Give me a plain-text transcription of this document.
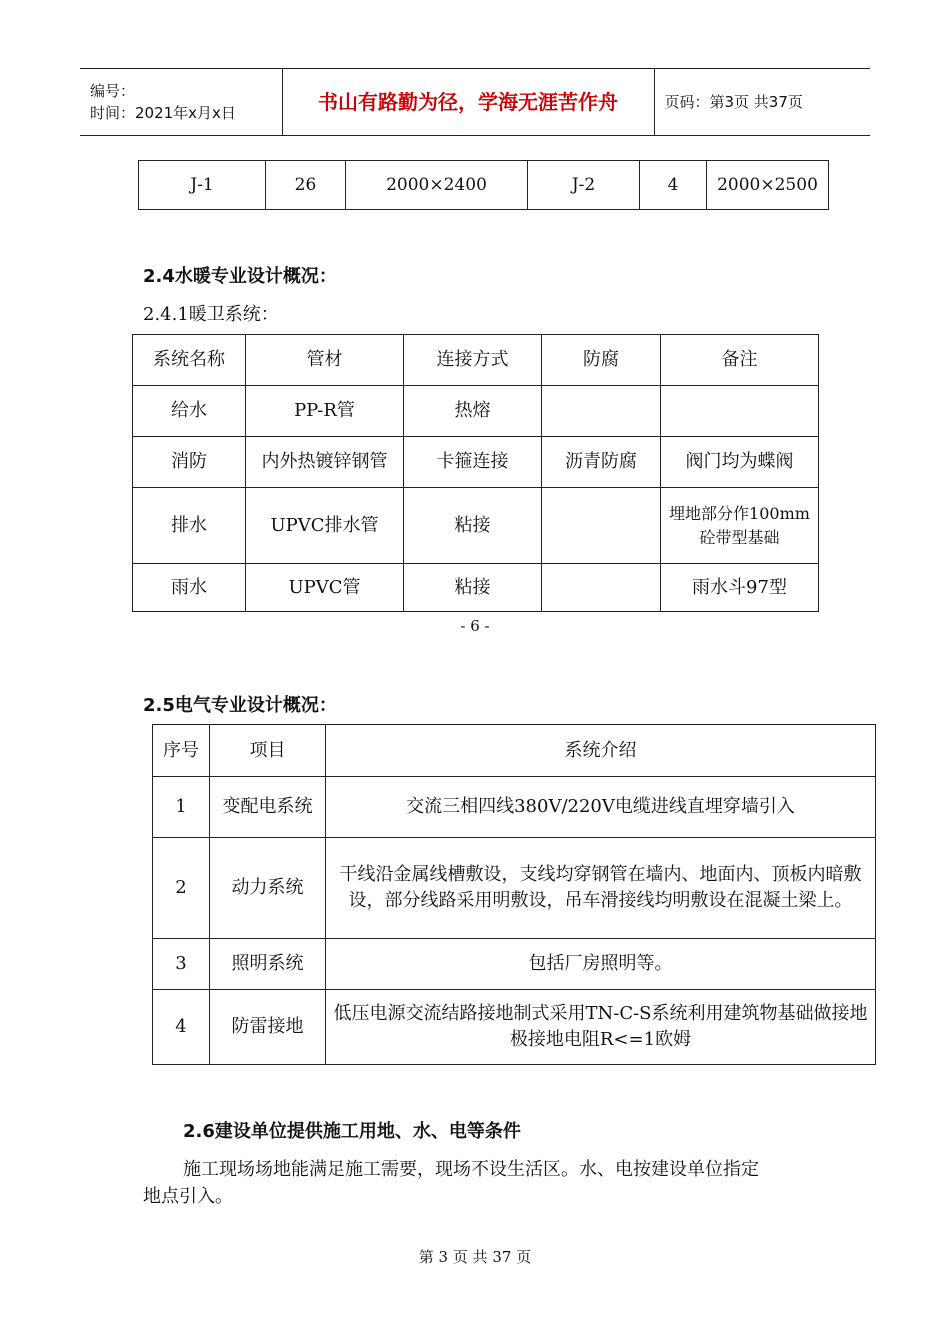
编号：
时间：2021年x月x日	书山有路勤为径，学海无涯苦作舟	页码：第3页 共37页
J-1	26	2000×2400	J-2	4	2000×2500
2.4水暖专业设计概况：
2.4.1暖卫系统：
系统名称	管材	连接方式	防腐	备注
给水	PP-R管	热熔		
消防	内外热镀锌钢管	卡箍连接	沥青防腐	阀门均为蝶阀
排水	UPVC排水管	粘接		埋地部分作100mm砼带型基础
雨水	UPVC管	粘接		雨水斗97型
- 6 -
2.5电气专业设计概况：
序号	项目	系统介绍
1	变配电系统	交流三相四线380V/220V电缆进线直埋穿墙引入
2	动力系统	干线沿金属线槽敷设，支线均穿钢管在墙内、地面内、顶板内暗敷设，部分线路采用明敷设，吊车滑接线均明敷设在混凝土梁上。
3	照明系统	包括厂房照明等。
4	防雷接地	低压电源交流结路接地制式采用TN-C-S系统利用建筑物基础做接地极接地电阻R<=1欧姆
2.6建设单位提供施工用地、水、电等条件
施工现场场地能满足施工需要，现场不设生活区。水、电按建设单位指定
地点引入。
第 3 页 共 37 页
